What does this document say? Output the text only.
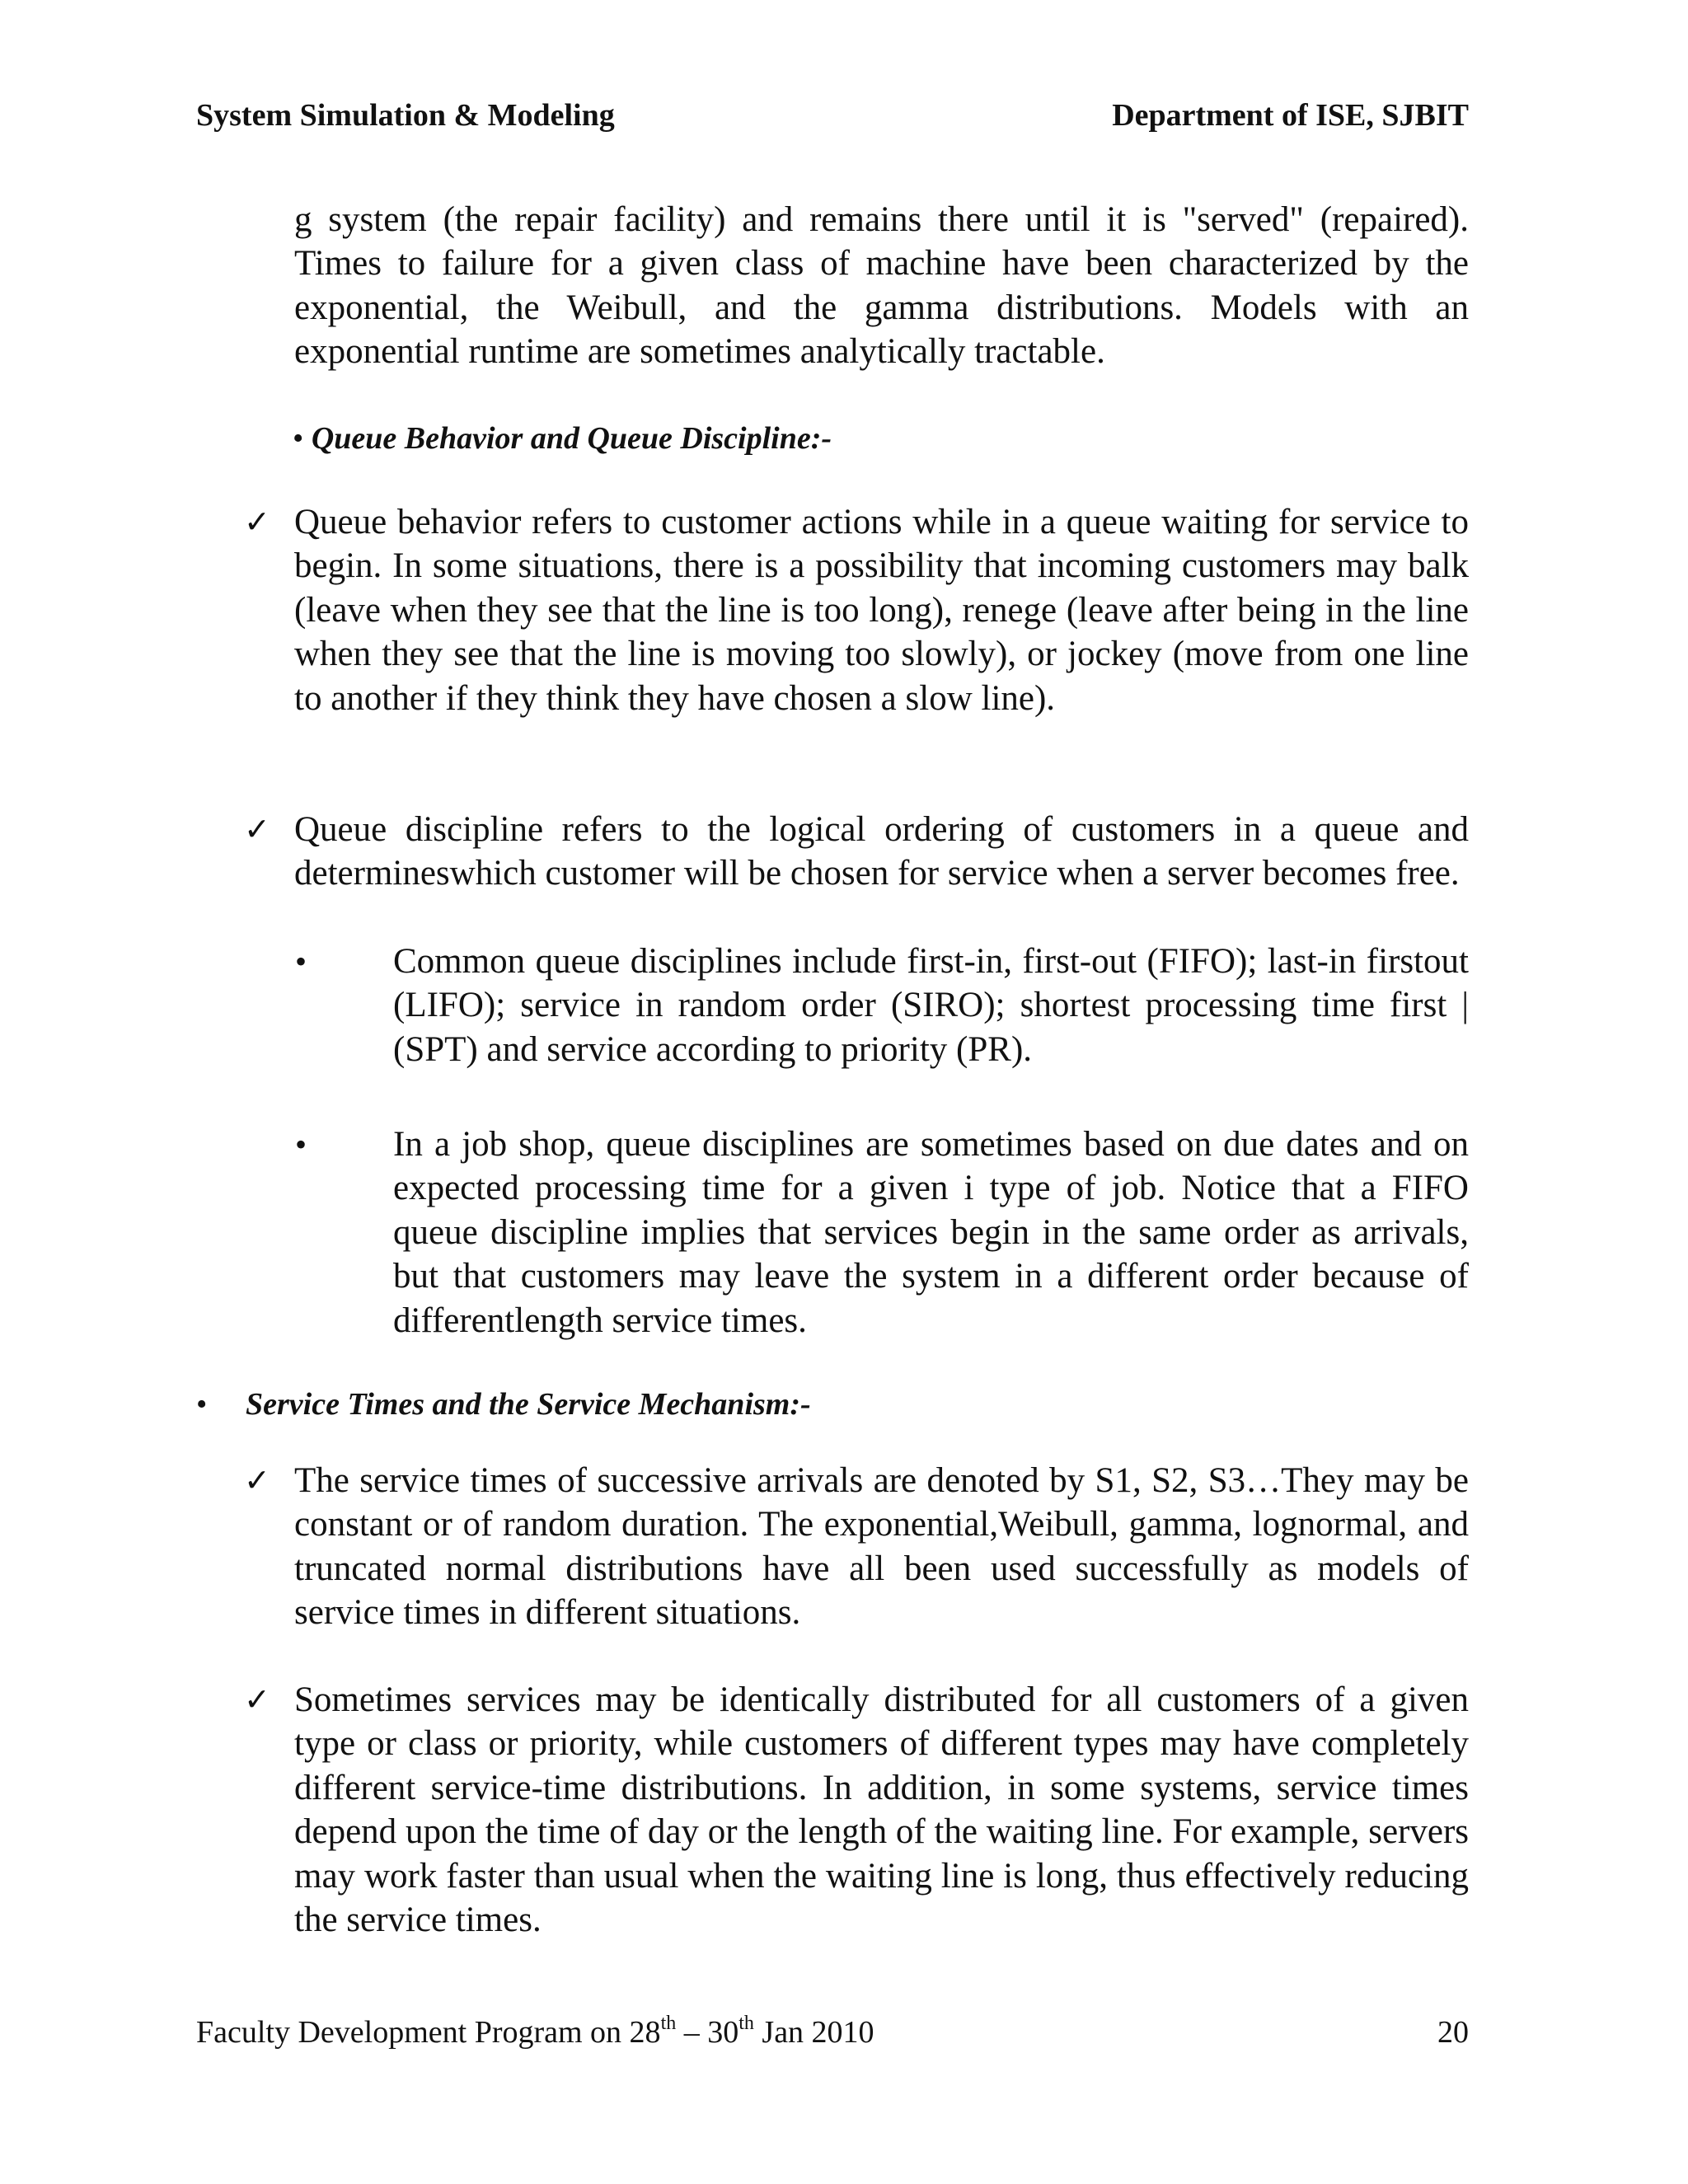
System Simulation & Modeling	Department of ISE, SJBIT
g system (the repair facility) and remains there until it is "served" (repaired). Times to failure for a given class of machine have been characterized by the exponential, the Weibull, and the gamma distributions. Models with an exponential runtime are sometimes analytically tractable.
• Queue Behavior and Queue Discipline:-
✓ Queue behavior refers to customer actions while in a queue waiting for service to begin. In some situations, there is a possibility that incoming customers may balk (leave when they see that the line is too long), renege (leave after being in the line when they see that the line is moving too slowly), or jockey (move from one line to another if they think they have chosen a slow line).
✓ Queue discipline refers to the logical ordering of customers in a queue and determineswhich customer will be chosen for service when a server becomes free.
• Common queue disciplines include first-in, first-out (FIFO); last-in firstout (LIFO); service in random order (SIRO); shortest processing time first |(SPT) and service according to priority (PR).
• In a job shop, queue disciplines are sometimes based on due dates and on expected processing time for a given i type of job. Notice that a FIFO queue discipline implies that services begin in the same order as arrivals, but that customers may leave the system in a different order because of differentlength service times.
• Service Times and the Service Mechanism:-
✓ The service times of successive arrivals are denoted by S1, S2, S3…They may be constant or of random duration. The exponential,Weibull, gamma, lognormal, and truncated normal distributions have all been used successfully as models of service times in different situations.
✓ Sometimes services may be identically distributed for all customers of a given type or class or priority, while customers of different types may have completely different service-time distributions. In addition, in some systems, service times depend upon the time of day or the length of the waiting line. For example, servers may work faster than usual when the waiting line is long, thus effectively reducing the service times.
Faculty Development Program on 28th – 30th Jan 2010	20
